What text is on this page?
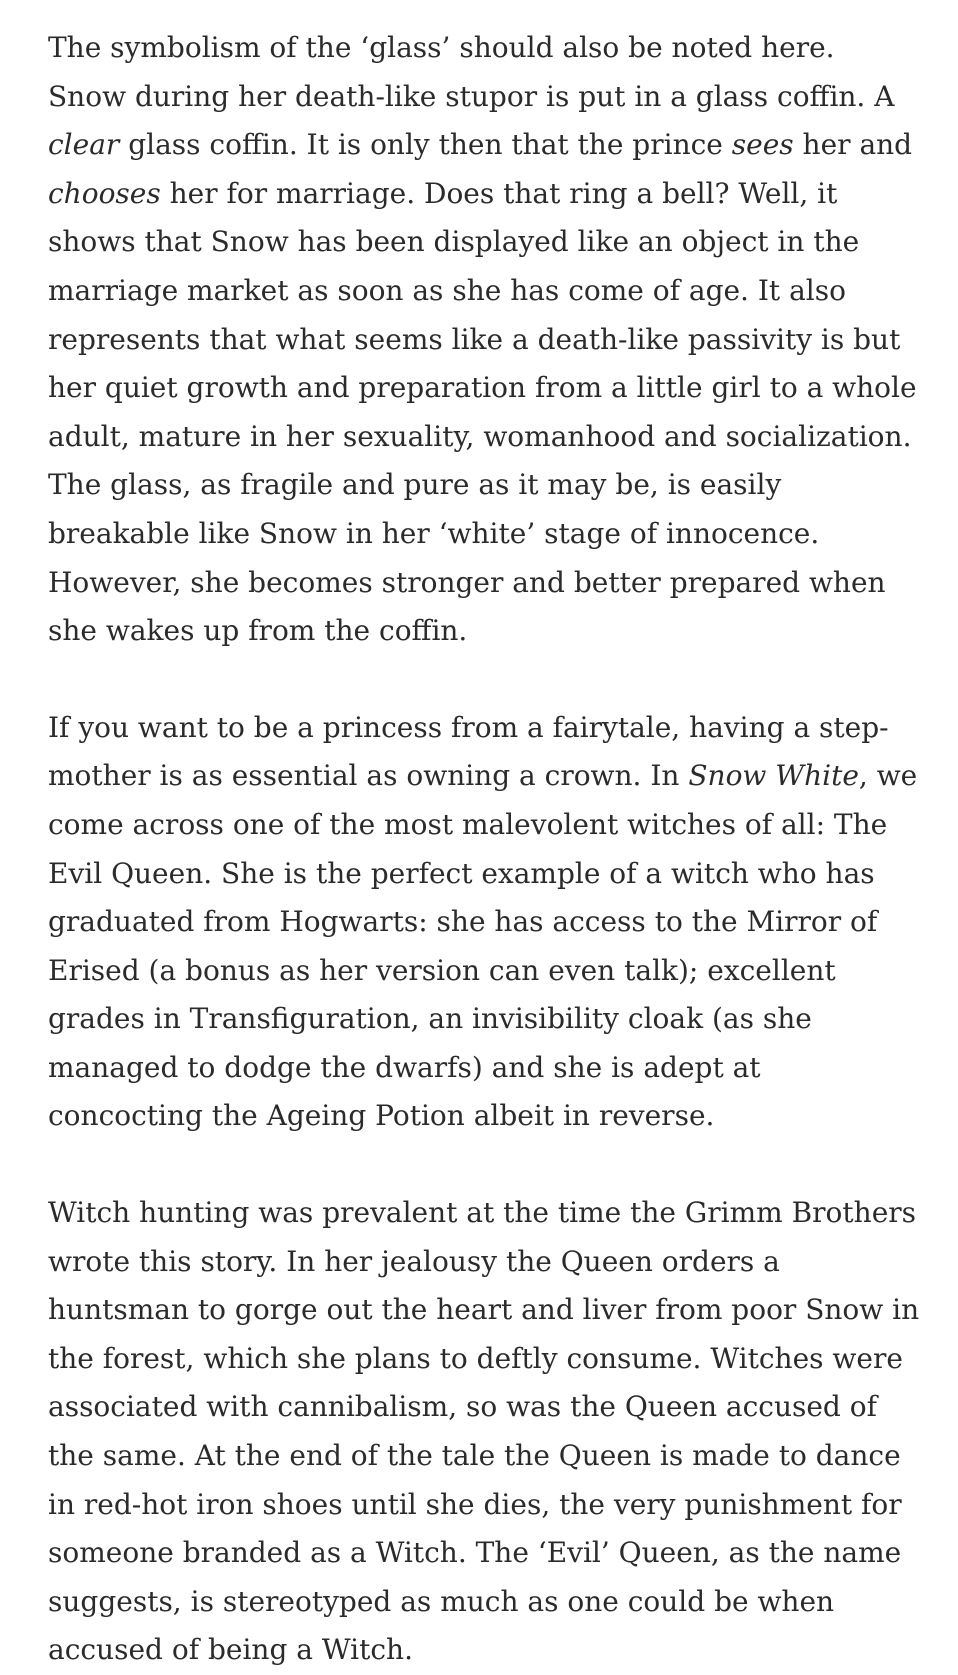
The symbolism of the ‘glass’ should also be noted here. Snow during her death-like stupor is put in a glass coffin. A clear glass coffin. It is only then that the prince sees her and chooses her for marriage. Does that ring a bell? Well, it shows that Snow has been displayed like an object in the marriage market as soon as she has come of age. It also represents that what seems like a death-like passivity is but her quiet growth and preparation from a little girl to a whole adult, mature in her sexuality, womanhood and socialization. The glass, as fragile and pure as it may be, is easily breakable like Snow in her ‘white’ stage of innocence. However, she becomes stronger and better prepared when she wakes up from the coffin.

If you want to be a princess from a fairytale, having a step-mother is as essential as owning a crown. In Snow White, we come across one of the most malevolent witches of all: The Evil Queen. She is the perfect example of a witch who has graduated from Hogwarts: she has access to the Mirror of Erised (a bonus as her version can even talk); excellent grades in Transfiguration, an invisibility cloak (as she managed to dodge the dwarfs) and she is adept at concocting the Ageing Potion albeit in reverse.

Witch hunting was prevalent at the time the Grimm Brothers wrote this story. In her jealousy the Queen orders a huntsman to gorge out the heart and liver from poor Snow in the forest, which she plans to deftly consume. Witches were associated with cannibalism, so was the Queen accused of the same. At the end of the tale the Queen is made to dance in red-hot iron shoes until she dies, the very punishment for someone branded as a Witch. The ‘Evil’ Queen, as the name suggests, is stereotyped as much as one could be when accused of being a Witch.
